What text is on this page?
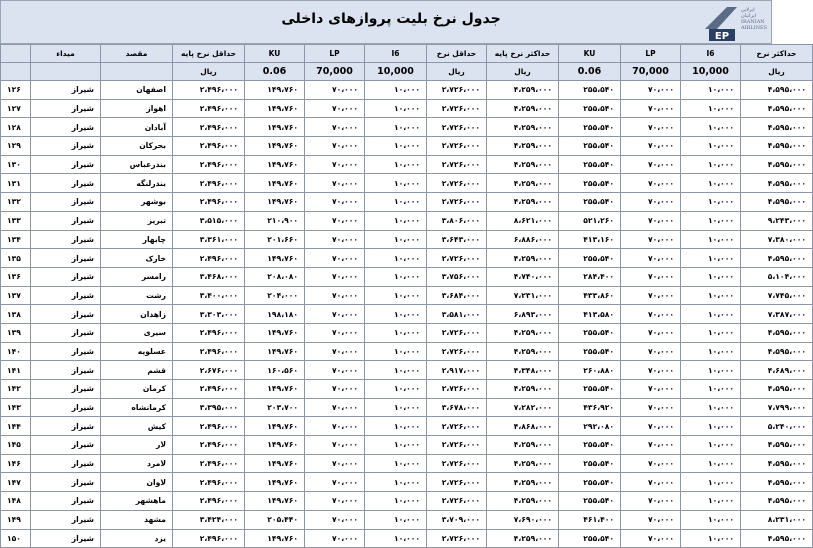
جدول نرخ بلیت پروازهای داخلی
EP
ایرلاین ایرانیان
IRANIAN
AIRLINES
	میداء	مقصد	حداقل نرخ پایه	KU	LP	I6	حداقل نرخ	حداکثر نرخ پایه	KU	LP	I6	حداکثر نرخ
			ریال	0.06	70,000	10,000	ریال	ریال	0.06	70,000	10,000	ریال
۱۲۶	شیراز	اصفهان	۲،۴۹۶،۰۰۰	۱۴۹،۷۶۰	۷۰،۰۰۰	۱۰،۰۰۰	۲،۷۲۶،۰۰۰	۴،۲۵۹،۰۰۰	۲۵۵،۵۴۰	۷۰،۰۰۰	۱۰،۰۰۰	۴،۵۹۵،۰۰۰
۱۲۷	شیراز	اهواز	۲،۴۹۶،۰۰۰	۱۴۹،۷۶۰	۷۰،۰۰۰	۱۰،۰۰۰	۲،۷۲۶،۰۰۰	۴،۲۵۹،۰۰۰	۲۵۵،۵۴۰	۷۰،۰۰۰	۱۰،۰۰۰	۴،۵۹۵،۰۰۰
۱۲۸	شیراز	آبادان	۲،۴۹۶،۰۰۰	۱۴۹،۷۶۰	۷۰،۰۰۰	۱۰،۰۰۰	۲،۷۲۶،۰۰۰	۴،۲۵۹،۰۰۰	۲۵۵،۵۴۰	۷۰،۰۰۰	۱۰،۰۰۰	۴،۵۹۵،۰۰۰
۱۲۹	شیراز	بحرکان	۲،۴۹۶،۰۰۰	۱۴۹،۷۶۰	۷۰،۰۰۰	۱۰،۰۰۰	۲،۷۲۶،۰۰۰	۴،۲۵۹،۰۰۰	۲۵۵،۵۴۰	۷۰،۰۰۰	۱۰،۰۰۰	۴،۵۹۵،۰۰۰
۱۳۰	شیراز	بندرعباس	۲،۴۹۶،۰۰۰	۱۴۹،۷۶۰	۷۰،۰۰۰	۱۰،۰۰۰	۲،۷۲۶،۰۰۰	۴،۲۵۹،۰۰۰	۲۵۵،۵۴۰	۷۰،۰۰۰	۱۰،۰۰۰	۴،۵۹۵،۰۰۰
۱۳۱	شیراز	بندرلنگه	۲،۴۹۶،۰۰۰	۱۴۹،۷۶۰	۷۰،۰۰۰	۱۰،۰۰۰	۲،۷۲۶،۰۰۰	۴،۲۵۹،۰۰۰	۲۵۵،۵۴۰	۷۰،۰۰۰	۱۰،۰۰۰	۴،۵۹۵،۰۰۰
۱۳۲	شیراز	بوشهر	۲،۴۹۶،۰۰۰	۱۴۹،۷۶۰	۷۰،۰۰۰	۱۰،۰۰۰	۲،۷۲۶،۰۰۰	۴،۲۵۹،۰۰۰	۲۵۵،۵۴۰	۷۰،۰۰۰	۱۰،۰۰۰	۴،۵۹۵،۰۰۰
۱۳۳	شیراز	تبریز	۳،۵۱۵،۰۰۰	۲۱۰،۹۰۰	۷۰،۰۰۰	۱۰،۰۰۰	۳،۸۰۶،۰۰۰	۸،۶۲۱،۰۰۰	۵۲۱،۲۶۰	۷۰،۰۰۰	۱۰،۰۰۰	۹،۲۴۳،۰۰۰
۱۳۴	شیراز	چابهار	۳،۳۶۱،۰۰۰	۲۰۱،۶۶۰	۷۰،۰۰۰	۱۰،۰۰۰	۳،۶۴۳،۰۰۰	۶،۸۸۶،۰۰۰	۴۱۳،۱۶۰	۷۰،۰۰۰	۱۰،۰۰۰	۷،۳۸۰،۰۰۰
۱۳۵	شیراز	خارک	۲،۴۹۶،۰۰۰	۱۴۹،۷۶۰	۷۰،۰۰۰	۱۰،۰۰۰	۲،۷۲۶،۰۰۰	۴،۲۵۹،۰۰۰	۲۵۵،۵۴۰	۷۰،۰۰۰	۱۰،۰۰۰	۴،۵۹۵،۰۰۰
۱۳۶	شیراز	رامسر	۳،۴۶۸،۰۰۰	۲۰۸،۰۸۰	۷۰،۰۰۰	۱۰،۰۰۰	۳،۷۵۶،۰۰۰	۴،۷۴۰،۰۰۰	۲۸۴،۴۰۰	۷۰،۰۰۰	۱۰،۰۰۰	۵،۱۰۴،۰۰۰
۱۳۷	شیراز	رشت	۳،۴۰۰،۰۰۰	۲۰۴،۰۰۰	۷۰،۰۰۰	۱۰،۰۰۰	۳،۶۸۴،۰۰۰	۷،۲۳۱،۰۰۰	۴۳۳،۸۶۰	۷۰،۰۰۰	۱۰،۰۰۰	۷،۷۴۵،۰۰۰
۱۳۸	شیراز	زاهدان	۳،۳۰۳،۰۰۰	۱۹۸،۱۸۰	۷۰،۰۰۰	۱۰،۰۰۰	۳،۵۸۱،۰۰۰	۶،۸۹۳،۰۰۰	۴۱۳،۵۸۰	۷۰،۰۰۰	۱۰،۰۰۰	۷،۳۸۷،۰۰۰
۱۳۹	شیراز	سیری	۲،۴۹۶،۰۰۰	۱۴۹،۷۶۰	۷۰،۰۰۰	۱۰،۰۰۰	۲،۷۲۶،۰۰۰	۴،۲۵۹،۰۰۰	۲۵۵،۵۴۰	۷۰،۰۰۰	۱۰،۰۰۰	۴،۵۹۵،۰۰۰
۱۴۰	شیراز	عسلویه	۲،۴۹۶،۰۰۰	۱۴۹،۷۶۰	۷۰،۰۰۰	۱۰،۰۰۰	۲،۷۲۶،۰۰۰	۴،۲۵۹،۰۰۰	۲۵۵،۵۴۰	۷۰،۰۰۰	۱۰،۰۰۰	۴،۵۹۵،۰۰۰
۱۴۱	شیراز	قشم	۲،۶۷۶،۰۰۰	۱۶۰،۵۶۰	۷۰،۰۰۰	۱۰،۰۰۰	۲،۹۱۷،۰۰۰	۴،۳۴۸،۰۰۰	۲۶۰،۸۸۰	۷۰،۰۰۰	۱۰،۰۰۰	۴،۶۸۹،۰۰۰
۱۴۲	شیراز	کرمان	۲،۴۹۶،۰۰۰	۱۴۹،۷۶۰	۷۰،۰۰۰	۱۰،۰۰۰	۲،۷۲۶،۰۰۰	۴،۲۵۹،۰۰۰	۲۵۵،۵۴۰	۷۰،۰۰۰	۱۰،۰۰۰	۴،۵۹۵،۰۰۰
۱۴۳	شیراز	کرمانشاه	۳،۳۹۵،۰۰۰	۲۰۳،۷۰۰	۷۰،۰۰۰	۱۰،۰۰۰	۳،۶۷۸،۰۰۰	۷،۲۸۲،۰۰۰	۴۳۶،۹۲۰	۷۰،۰۰۰	۱۰،۰۰۰	۷،۷۹۹،۰۰۰
۱۴۴	شیراز	کیش	۲،۴۹۶،۰۰۰	۱۴۹،۷۶۰	۷۰،۰۰۰	۱۰،۰۰۰	۲،۷۲۶،۰۰۰	۴،۸۶۸،۰۰۰	۲۹۲،۰۸۰	۷۰،۰۰۰	۱۰،۰۰۰	۵،۲۴۰،۰۰۰
۱۴۵	شیراز	لار	۲،۴۹۶،۰۰۰	۱۴۹،۷۶۰	۷۰،۰۰۰	۱۰،۰۰۰	۲،۷۲۶،۰۰۰	۴،۲۵۹،۰۰۰	۲۵۵،۵۴۰	۷۰،۰۰۰	۱۰،۰۰۰	۴،۵۹۵،۰۰۰
۱۴۶	شیراز	لامرد	۲،۴۹۶،۰۰۰	۱۴۹،۷۶۰	۷۰،۰۰۰	۱۰،۰۰۰	۲،۷۲۶،۰۰۰	۴،۲۵۹،۰۰۰	۲۵۵،۵۴۰	۷۰،۰۰۰	۱۰،۰۰۰	۴،۵۹۵،۰۰۰
۱۴۷	شیراز	لاوان	۲،۴۹۶،۰۰۰	۱۴۹،۷۶۰	۷۰،۰۰۰	۱۰،۰۰۰	۲،۷۲۶،۰۰۰	۴،۲۵۹،۰۰۰	۲۵۵،۵۴۰	۷۰،۰۰۰	۱۰،۰۰۰	۴،۵۹۵،۰۰۰
۱۴۸	شیراز	ماهشهر	۲،۴۹۶،۰۰۰	۱۴۹،۷۶۰	۷۰،۰۰۰	۱۰،۰۰۰	۲،۷۲۶،۰۰۰	۴،۲۵۹،۰۰۰	۲۵۵،۵۴۰	۷۰،۰۰۰	۱۰،۰۰۰	۴،۵۹۵،۰۰۰
۱۴۹	شیراز	مشهد	۳،۴۲۴،۰۰۰	۲۰۵،۴۴۰	۷۰،۰۰۰	۱۰،۰۰۰	۳،۷۰۹،۰۰۰	۷،۶۹۰،۰۰۰	۴۶۱،۴۰۰	۷۰،۰۰۰	۱۰،۰۰۰	۸،۲۳۱،۰۰۰
۱۵۰	شیراز	یزد	۲،۴۹۶،۰۰۰	۱۴۹،۷۶۰	۷۰،۰۰۰	۱۰،۰۰۰	۲،۷۲۶،۰۰۰	۴،۲۵۹،۰۰۰	۲۵۵،۵۴۰	۷۰،۰۰۰	۱۰،۰۰۰	۴،۵۹۵،۰۰۰
